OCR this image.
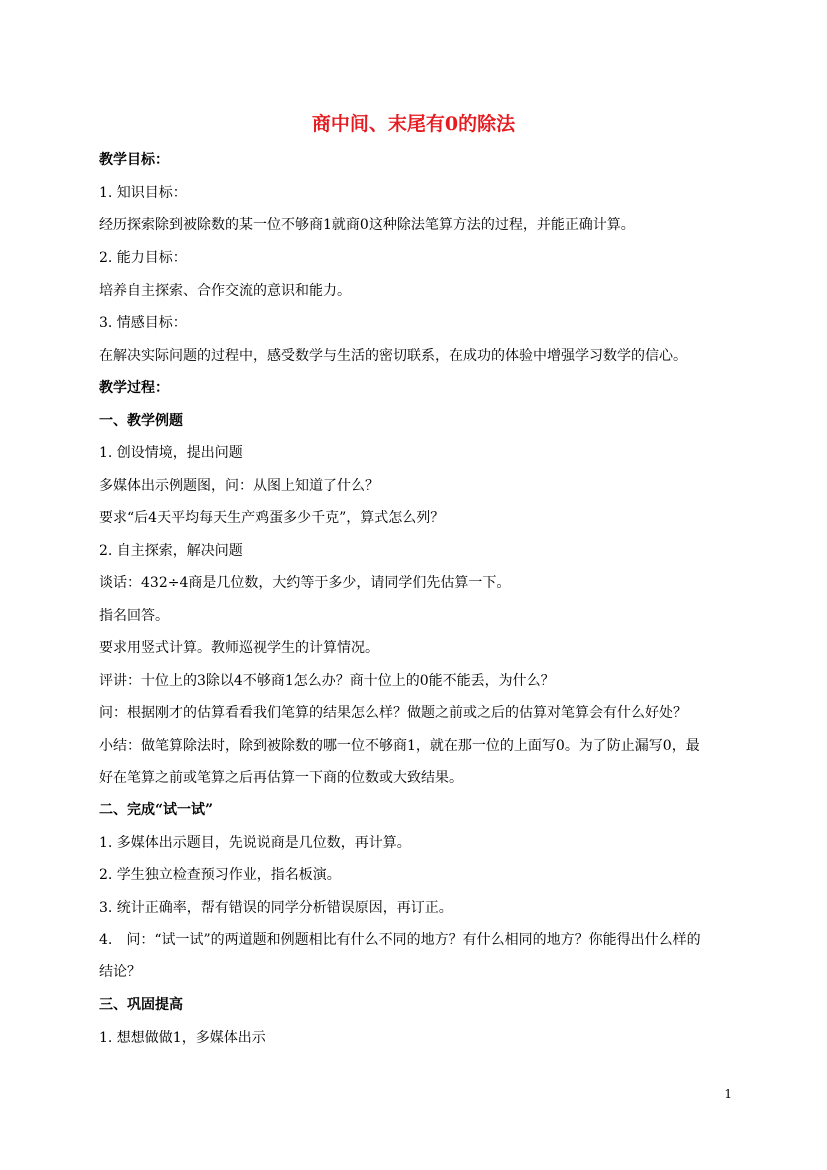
商中间、末尾有0的除法
教学目标：
1. 知识目标：
经历探索除到被除数的某一位不够商1就商0这种除法笔算方法的过程，并能正确计算。
2. 能力目标：
培养自主探索、合作交流的意识和能力。
3. 情感目标：
在解决实际问题的过程中，感受数学与生活的密切联系，在成功的体验中增强学习数学的信心。
教学过程：
一、教学例题
1. 创设情境，提出问题
多媒体出示例题图，问：从图上知道了什么？
要求“后4天平均每天生产鸡蛋多少千克”，算式怎么列？
2. 自主探索，解决问题
谈话：432÷4商是几位数，大约等于多少，请同学们先估算一下。
指名回答。
要求用竖式计算。教师巡视学生的计算情况。
评讲：十位上的3除以4不够商1怎么办？商十位上的0能不能丢，为什么？
问：根据刚才的估算看看我们笔算的结果怎么样？做题之前或之后的估算对笔算会有什么好处？
小结：做笔算除法时，除到被除数的哪一位不够商1，就在那一位的上面写0。为了防止漏写0，最
好在笔算之前或笔算之后再估算一下商的位数或大致结果。
二、完成“试一试”
1. 多媒体出示题目，先说说商是几位数，再计算。
2. 学生独立检查预习作业，指名板演。
3. 统计正确率，帮有错误的同学分析错误原因，再订正。
4.　问：“试一试”的两道题和例题相比有什么不同的地方？有什么相同的地方？你能得出什么样的
结论？
三、巩固提高
1. 想想做做1，多媒体出示
1
